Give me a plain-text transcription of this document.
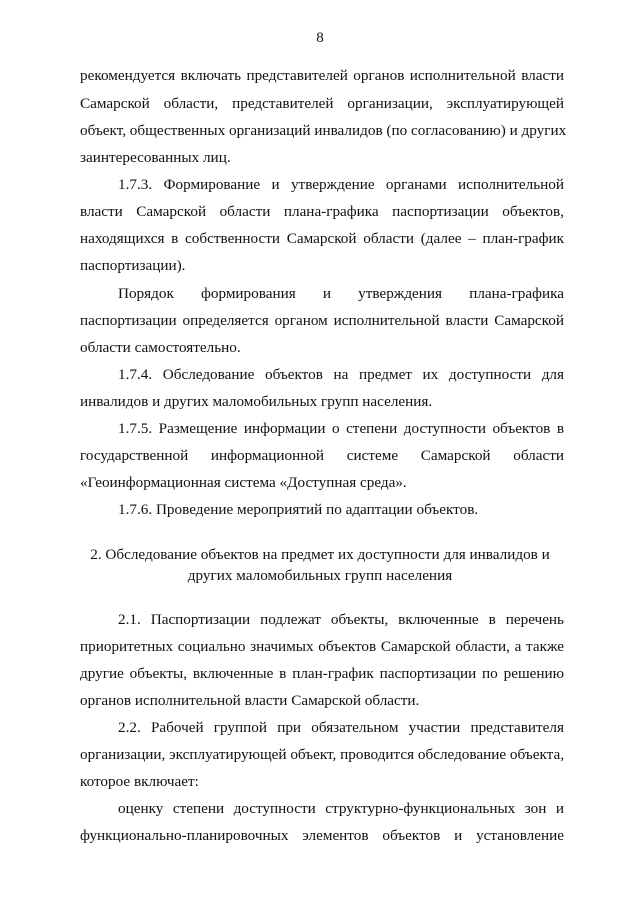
8
рекомендуется включать представителей органов исполнительной власти
Самарской области, представителей организации, эксплуатирующей
объект, общественных организаций инвалидов (по согласованию) и других
заинтересованных лиц.
1.7.3. Формирование и утверждение органами исполнительной
власти Самарской области плана-графика паспортизации объектов,
находящихся в собственности Самарской области (далее – план-график
паспортизации).
Порядок формирования и утверждения плана-графика
паспортизации определяется органом исполнительной власти Самарской
области самостоятельно.
1.7.4. Обследование объектов на предмет их доступности для
инвалидов и других маломобильных групп населения.
1.7.5. Размещение информации о степени доступности объектов в
государственной информационной системе Самарской области
«Геоинформационная система «Доступная среда».
1.7.6. Проведение мероприятий по адаптации объектов.
2. Обследование объектов на предмет их доступности для инвалидов и
других маломобильных групп населения
2.1. Паспортизации подлежат объекты, включенные в перечень
приоритетных социально значимых объектов Самарской области, а также
другие объекты, включенные в план-график паспортизации по решению
органов исполнительной власти Самарской области.
2.2. Рабочей группой при обязательном участии представителя
организации, эксплуатирующей объект, проводится обследование объекта,
которое включает:
оценку степени доступности структурно-функциональных зон и
функционально-планировочных элементов объектов и установление
